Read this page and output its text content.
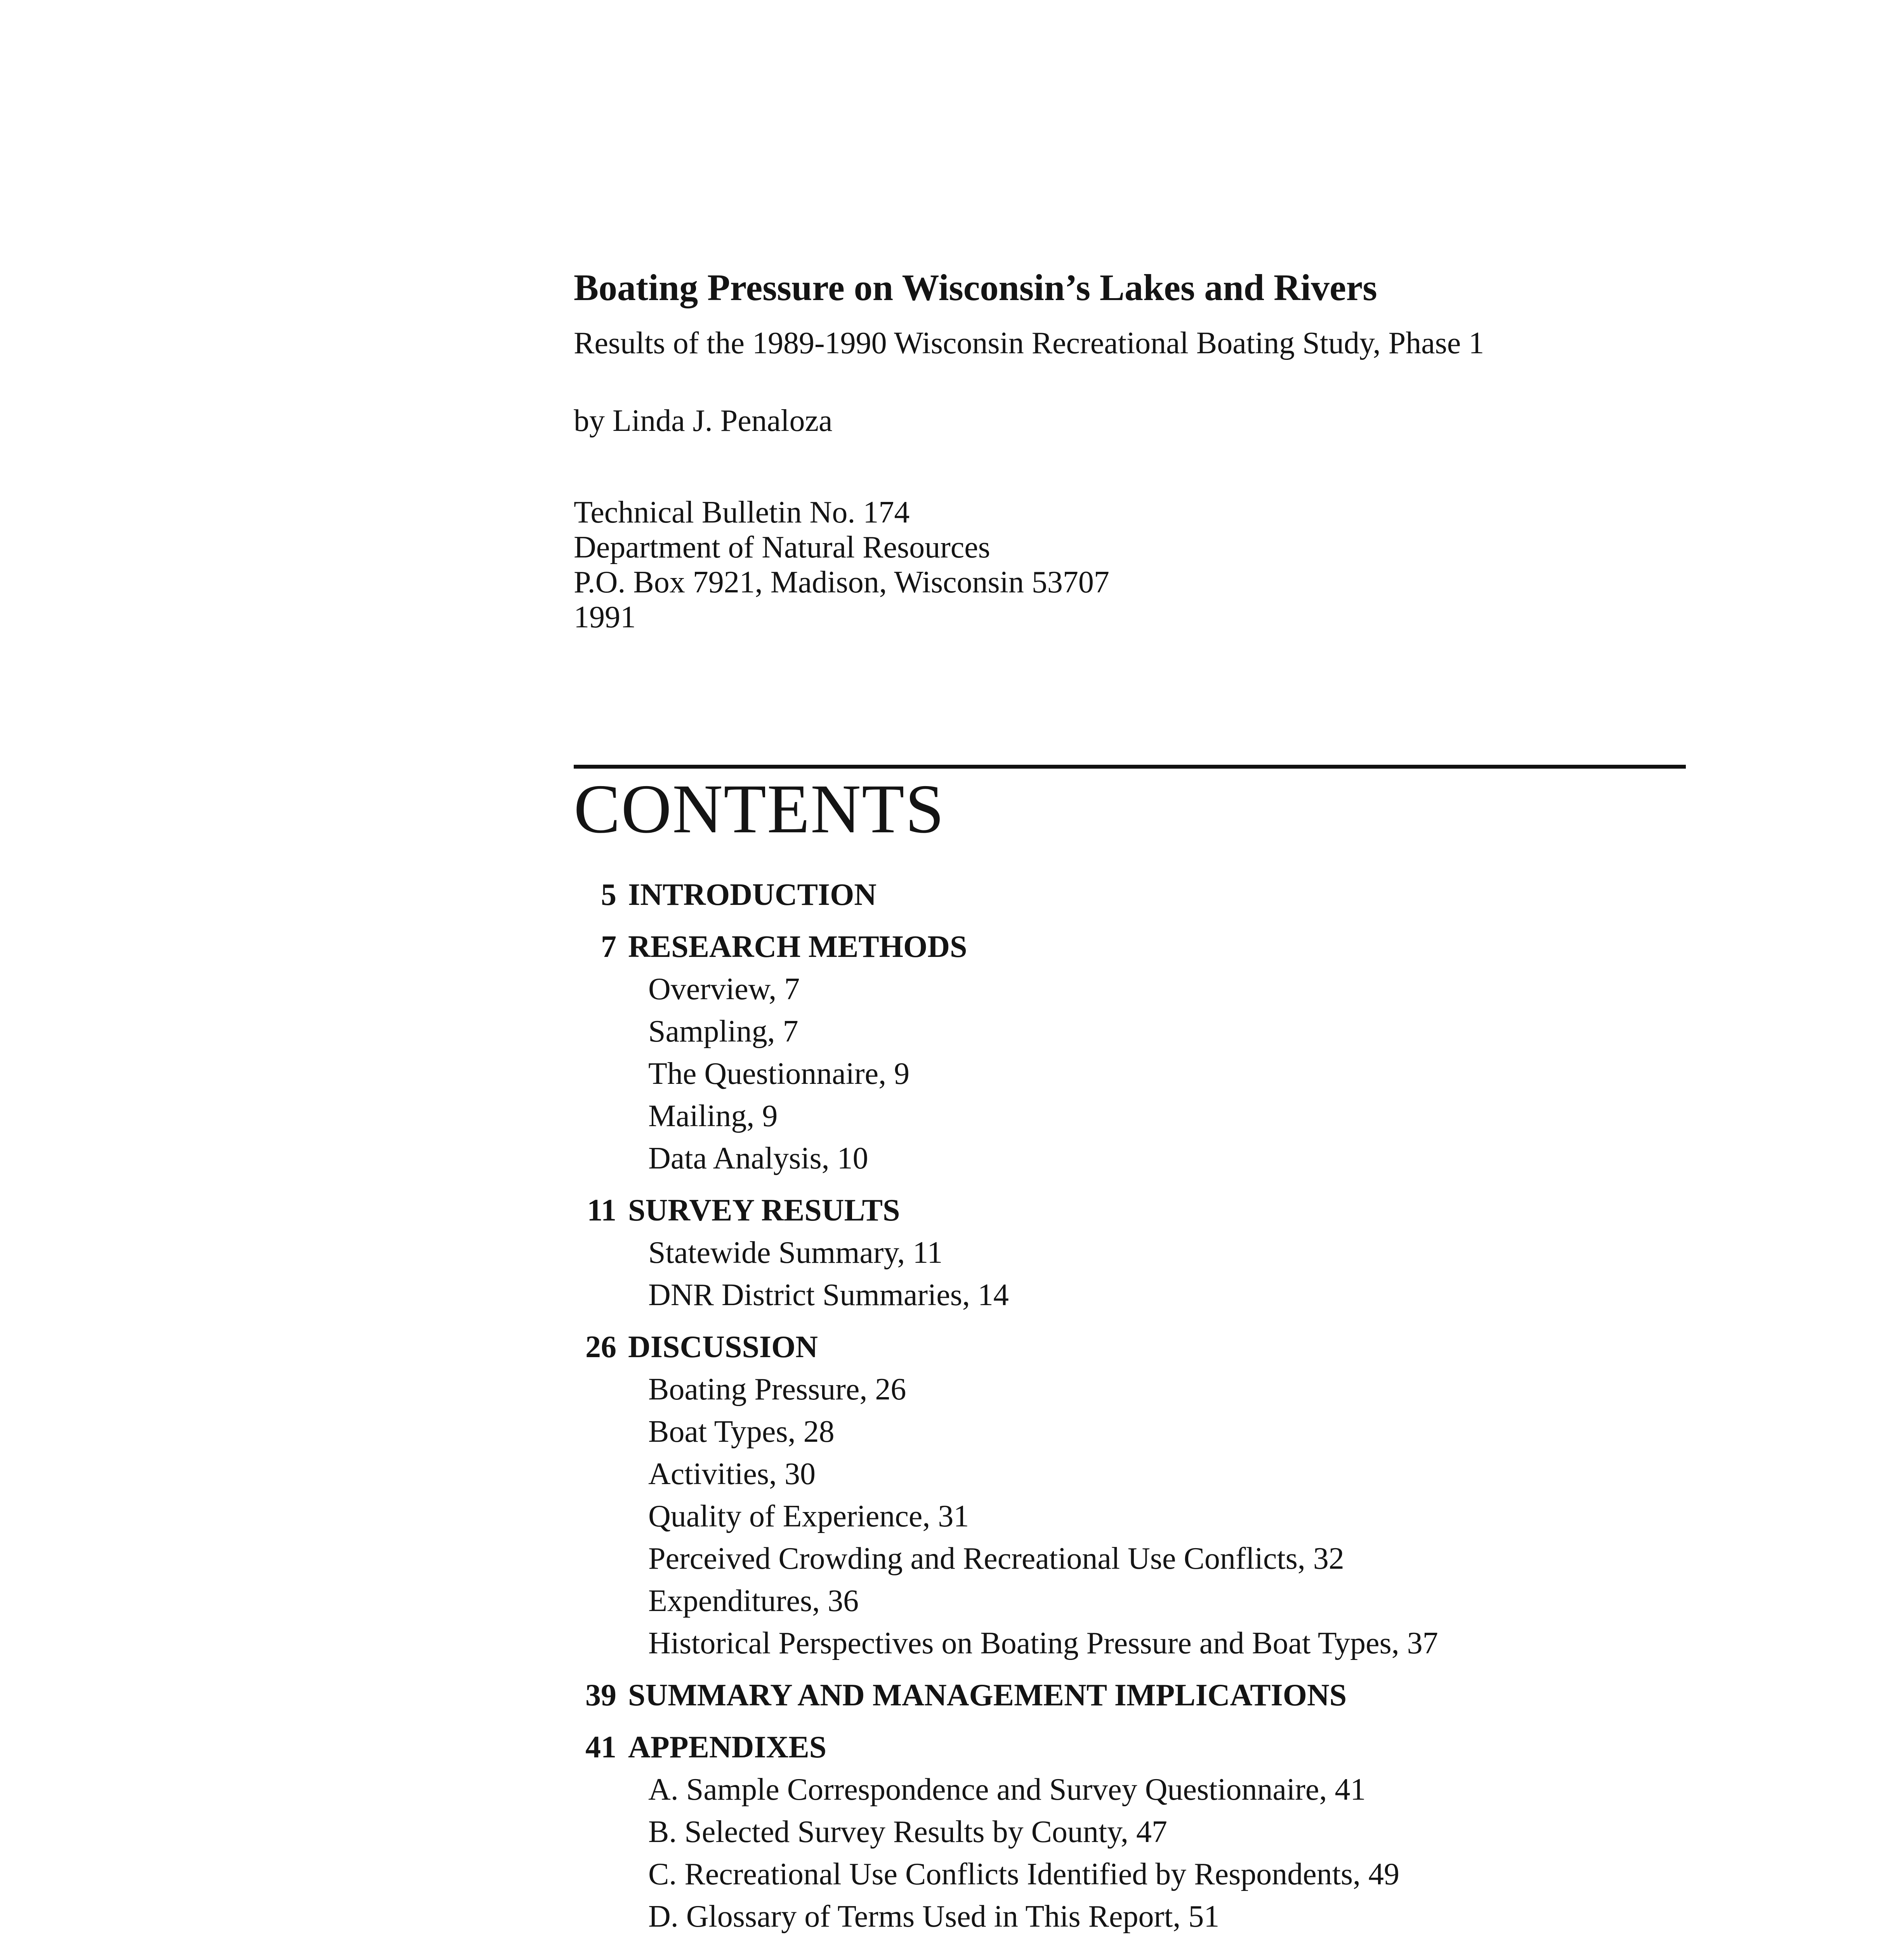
Boating Pressure on Wisconsin’s Lakes and Rivers
Results of the 1989-1990 Wisconsin Recreational Boating Study, Phase 1
by Linda J. Penaloza
Technical Bulletin No. 174
Department of Natural Resources
P.O. Box 7921, Madison, Wisconsin 53707
1991
CONTENTS
5 INTRODUCTION
7 RESEARCH METHODS
Overview, 7
Sampling, 7
The Questionnaire, 9
Mailing, 9
Data Analysis, 10
11 SURVEY RESULTS
Statewide Summary, 11
DNR District Summaries, 14
26 DISCUSSION
Boating Pressure, 26
Boat Types, 28
Activities, 30
Quality of Experience, 31
Perceived Crowding and Recreational Use Conflicts, 32
Expenditures, 36
Historical Perspectives on Boating Pressure and Boat Types, 37
39 SUMMARY AND MANAGEMENT IMPLICATIONS
41 APPENDIXES
A. Sample Correspondence and Survey Questionnaire, 41
B. Selected Survey Results by County, 47
C. Recreational Use Conflicts Identified by Respondents, 49
D. Glossary of Terms Used in This Report, 51
